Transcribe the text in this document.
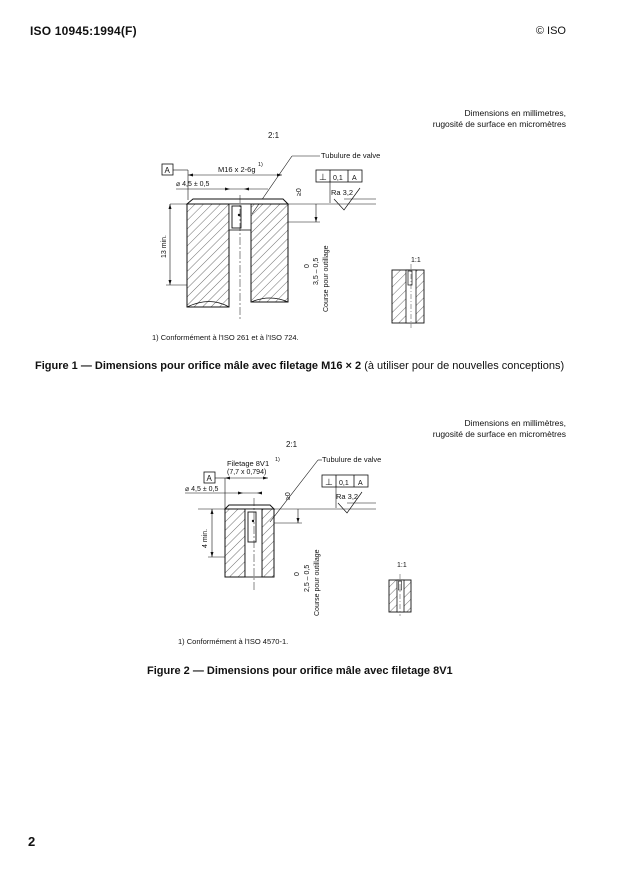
ISO 10945:1994(F)	© ISO
Dimensions en millimetres,
rugosité de surface en micromètres
2:1
A	M16 x 2-6g 1)
⌀ 4,5 ± 0,5
Tubulure de valve
≥0
⊥ 0,1 A
Ra 3,2
13 min.
0 3,5 – 0,5 Course pour outillage	1:1
1) Conformément à l'ISO 261 et à l'ISO 724.
Figure 1 — Dimensions pour orifice mâle avec filetage M16 × 2 (à utiliser pour de nouvelles conceptions)
Dimensions en millimètres,
rugosité de surface en micromètres
2:1
Filetage 8V1 1)
(7,7 x 0,794)
A
⌀ 4,5 ± 0,5
Tubulure de valve
≥0
⊥ 0,1 A
Ra 3,2
4 min.
0 2,5 – 0,5 Course pour outillage	1:1
1) Conformément à l'ISO 4570-1.
Figure 2 — Dimensions pour orifice mâle avec filetage 8V1
2
